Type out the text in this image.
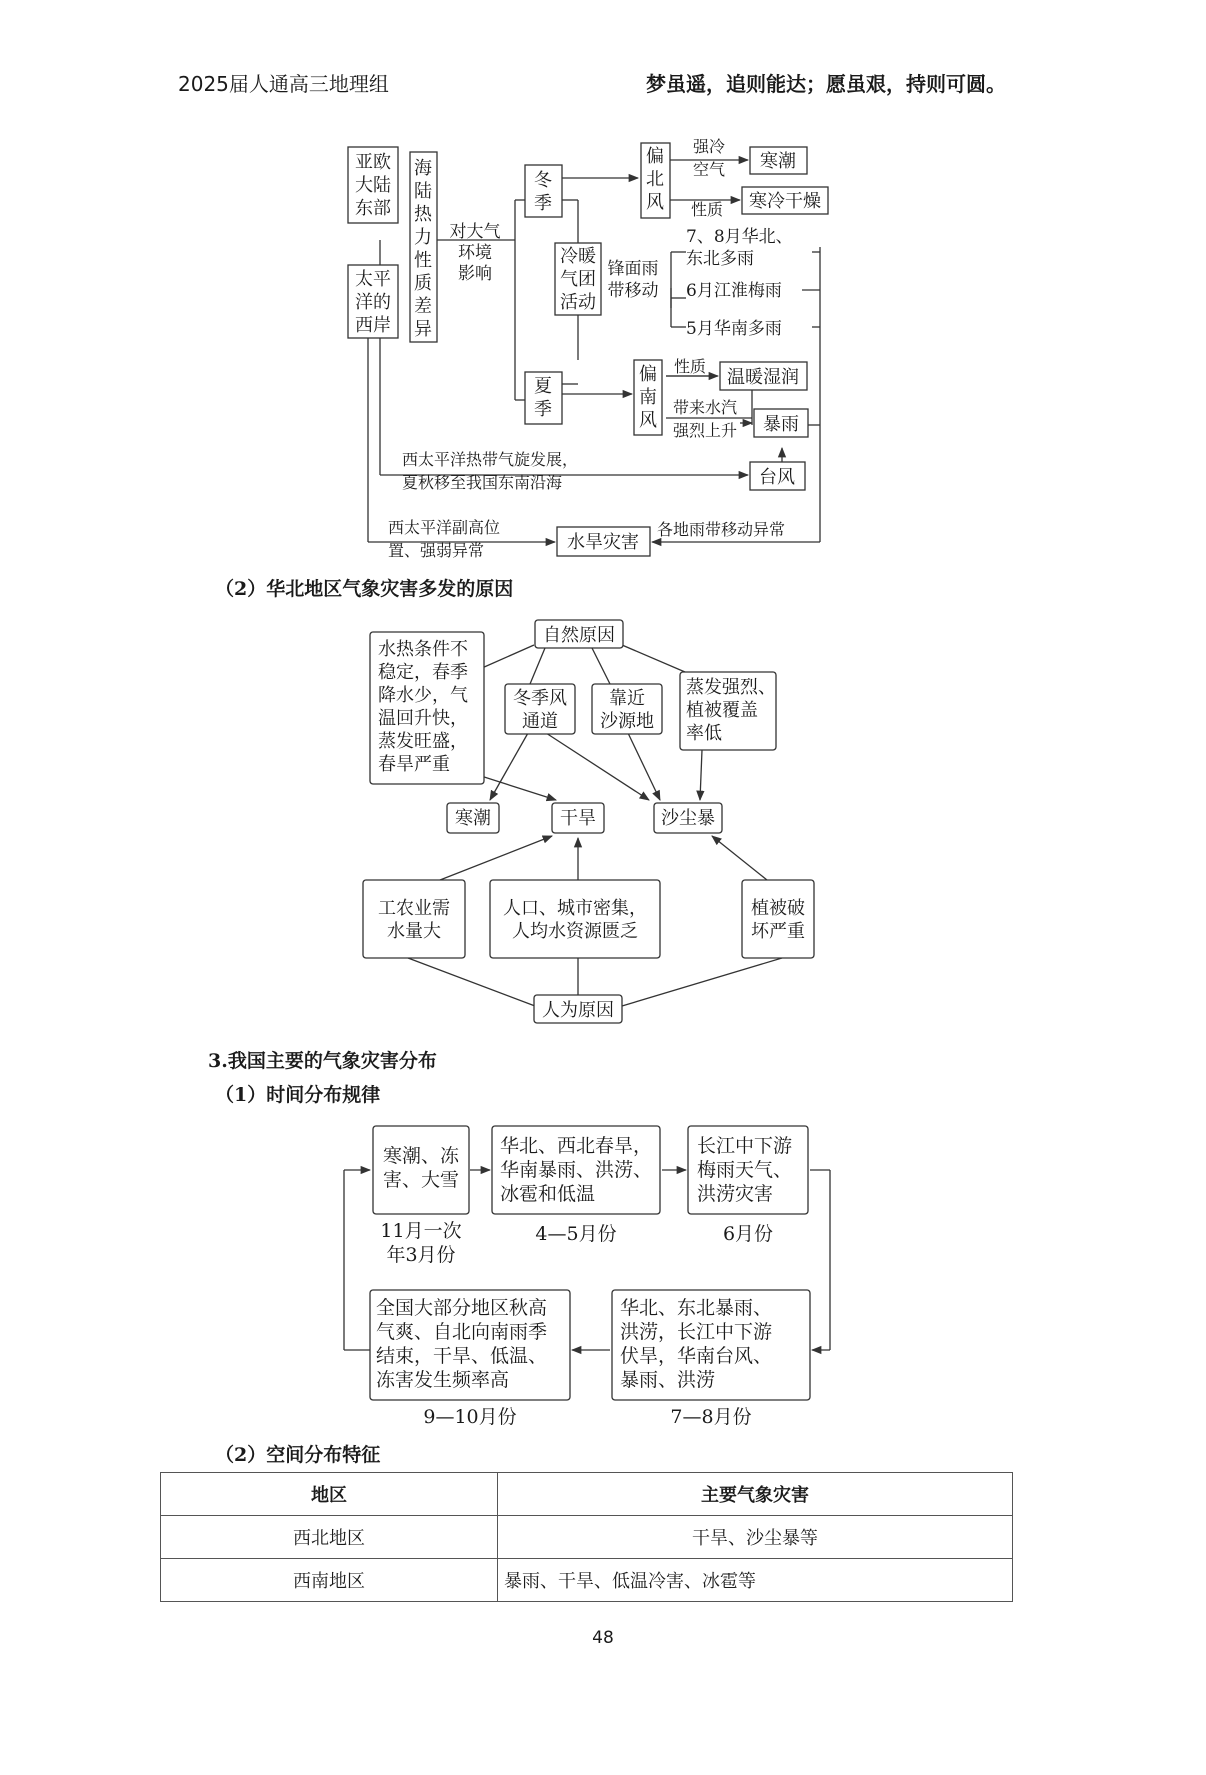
2025届人通高三地理组	梦虽遥，追则能达；愿虽艰，持则可圆。
亚欧
大陆
东部
太平
洋的
西岸
海陆热力性质差异
对大气
环境
影响
冬
季
夏
季
冷暖
气团
活动
锋面雨
带移动
偏
北
风
强冷
空气
性质
寒潮
寒冷干燥
7、8月华北、
东北多雨
6月江淮梅雨
5月华南多雨
偏
南
风
性质
温暖湿润
带来水汽
强烈上升 暴雨
西太平洋热带气旋发展，
夏秋移至我国东南沿海	台风
西太平洋副高位
置、强弱异常	水旱灾害
各地雨带移动异常
（2）华北地区气象灾害多发的原因
自然原因
水热条件不
稳定，春季
降水少，气
温回升快，
蒸发旺盛，
春旱严重
冬季风
通道
靠近
沙源地
蒸发强烈、
植被覆盖
率低
寒潮	干旱	沙尘暴
工农业需
水量大
人口、城市密集，
人均水资源匮乏
植被破
坏严重
人为原因
3.我国主要的气象灾害分布
（1）时间分布规律
寒潮、冻
害、大雪
11月一次
年3月份
华北、西北春旱，
华南暴雨、洪涝、
冰雹和低温
4—5月份
长江中下游
梅雨天气、
洪涝灾害
6月份
华北、东北暴雨、
洪涝，长江中下游
伏旱，华南台风、
暴雨、洪涝
7—8月份
全国大部分地区秋高
气爽、自北向南雨季
结束，干旱、低温、
冻害发生频率高
9—10月份
（2）空间分布特征
地区	主要气象灾害
西北地区	干旱、沙尘暴等
西南地区	暴雨、干旱、低温冷害、冰雹等
48
